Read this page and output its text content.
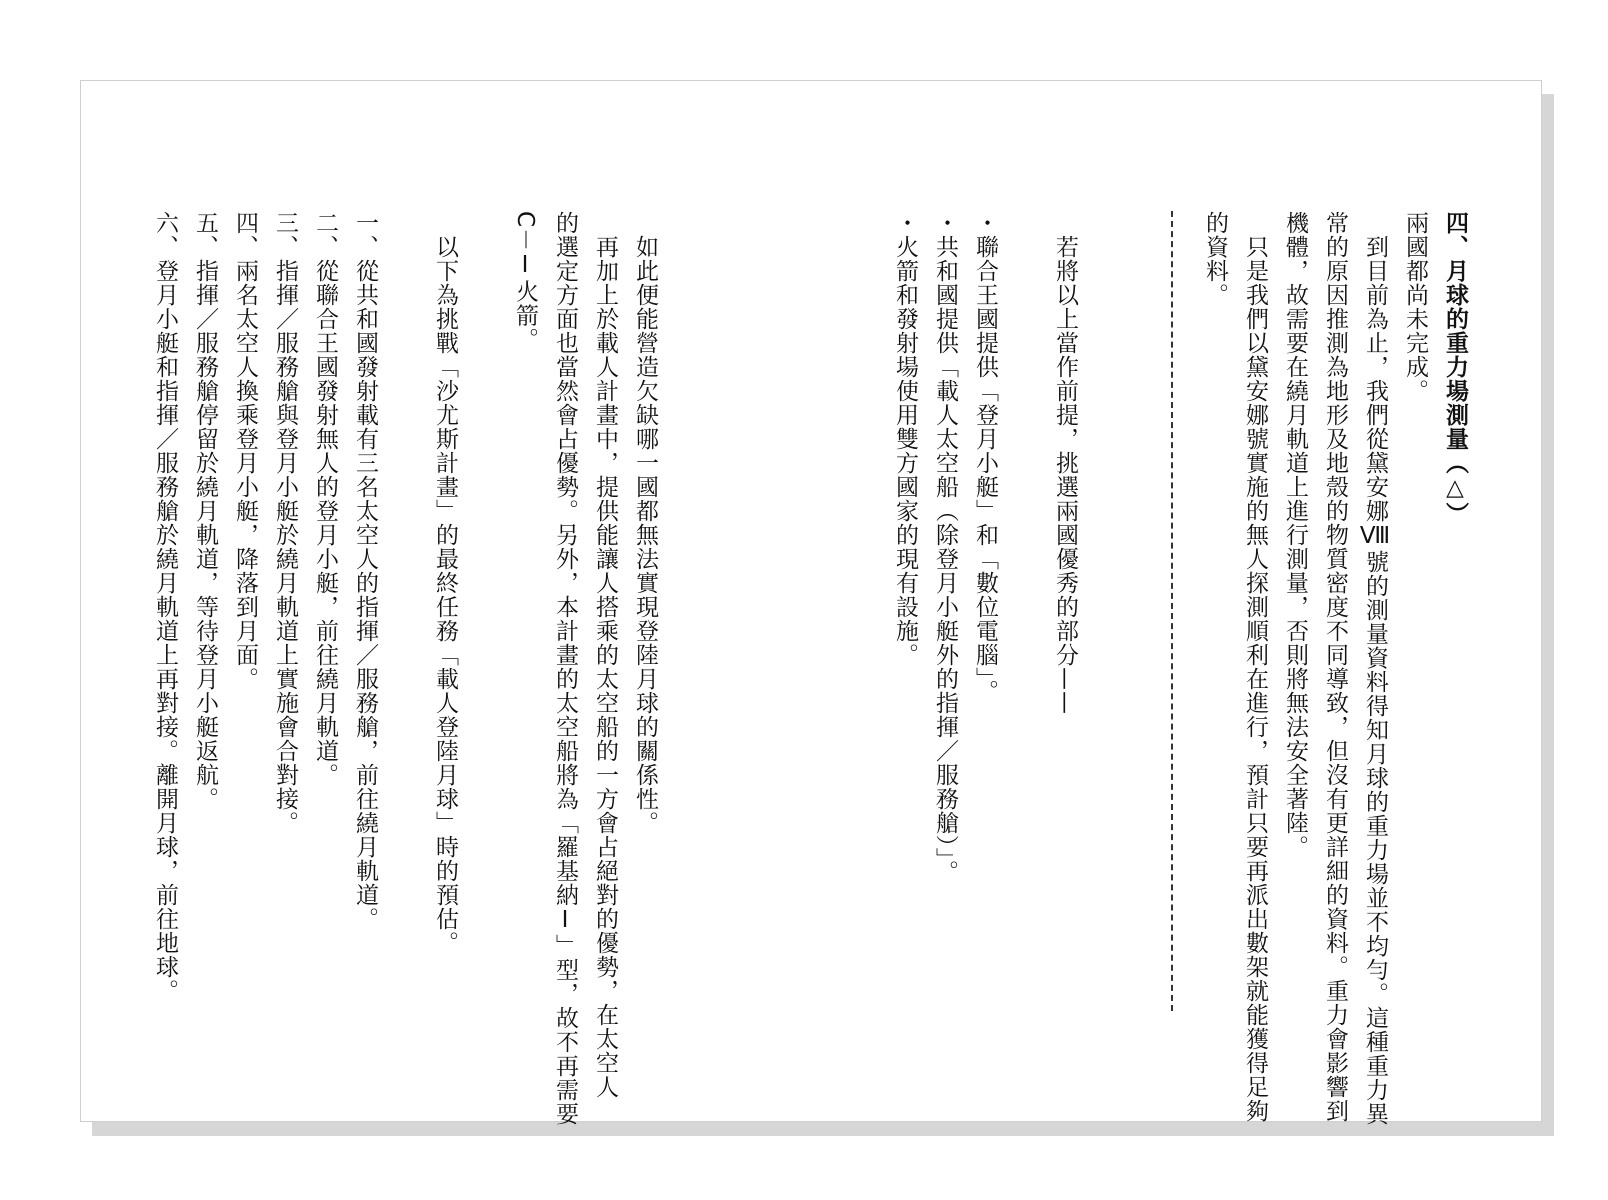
四、月球的重力場測量（△）
兩國都尚未完成。
　到目前為止，我們從黛安娜Ⅷ號的測量資料得知月球的重力場並不均勻。這種重力異
常的原因推測為地形及地殼的物質密度不同導致，但沒有更詳細的資料。重力會影響到
機體，故需要在繞月軌道上進行測量，否則將無法安全著陸。
　只是我們以黛安娜號實施的無人探測順利在進行，預計只要再派出數架就能獲得足夠
的資料。
　若將以上當作前提，挑選兩國優秀的部分——
・聯合王國提供「登月小艇」和「數位電腦」。
・共和國提供「載人太空船（除登月小艇外的指揮／服務艙）」。
・火箭和發射場使用雙方國家的現有設施。
　如此便能營造欠缺哪一國都無法實現登陸月球的關係性。
　再加上於載人計畫中，提供能讓人搭乘的太空船的一方會占絕對的優勢，在太空人
的選定方面也當然會占優勢。另外，本計畫的太空船將為「羅基納Ⅰ」型，故不再需要
C－Ⅰ火箭。
　以下為挑戰「沙尤斯計畫」的最終任務「載人登陸月球」時的預估。
一、從共和國發射載有三名太空人的指揮／服務艙，前往繞月軌道。
二、從聯合王國發射無人的登月小艇，前往繞月軌道。
三、指揮／服務艙與登月小艇於繞月軌道上實施會合對接。
四、兩名太空人換乘登月小艇，降落到月面。
五、指揮／服務艙停留於繞月軌道，等待登月小艇返航。
六、登月小艇和指揮／服務艙於繞月軌道上再對接。離開月球，前往地球。
